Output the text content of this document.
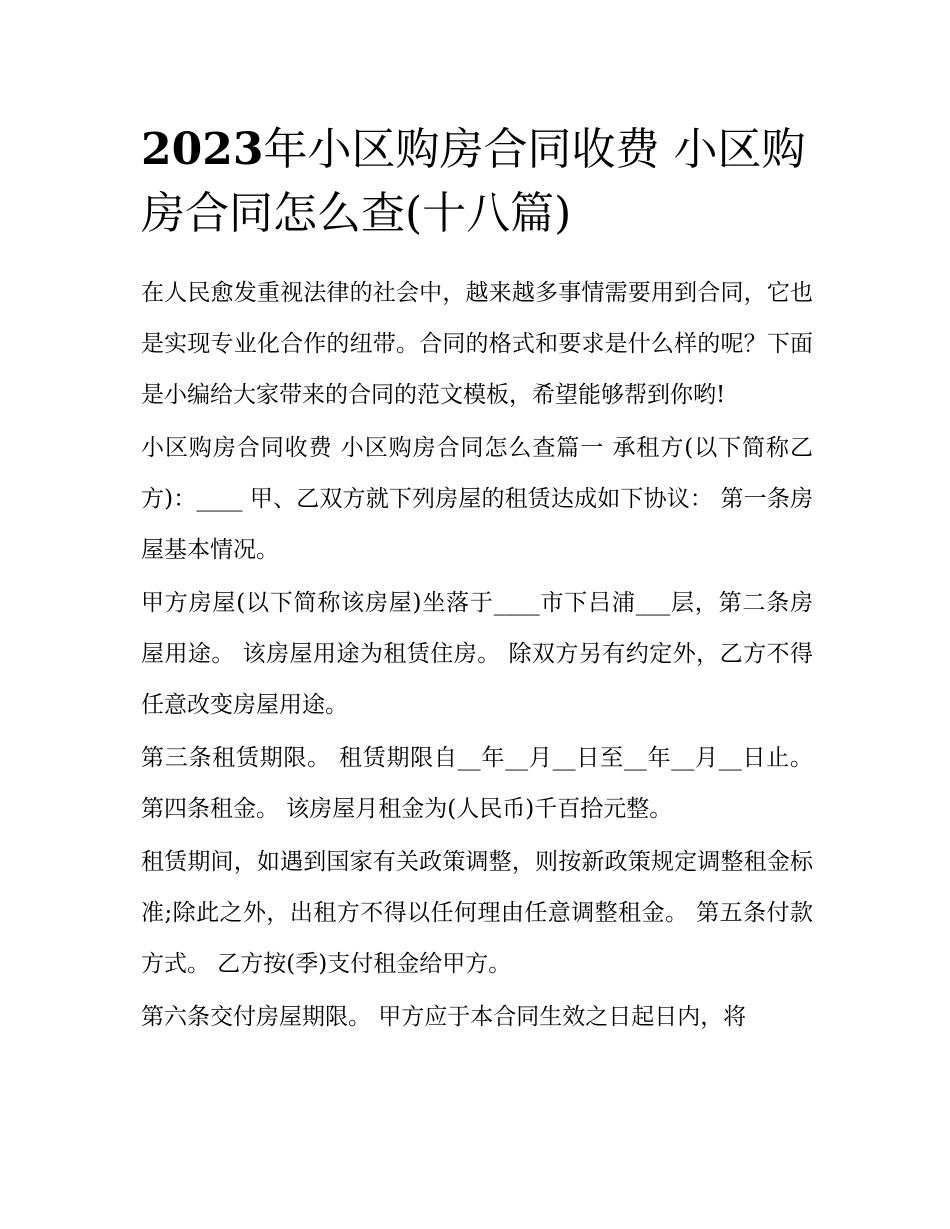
2023年小区购房合同收费 小区购房合同怎么查(十八篇)

在人民愈发重视法律的社会中，越来越多事情需要用到合同，它也是实现专业化合作的纽带。合同的格式和要求是什么样的呢？下面是小编给大家带来的合同的范文模板，希望能够帮到你哟!

小区购房合同收费 小区购房合同怎么查篇一 承租方(以下简称乙方)：____ 甲、乙双方就下列房屋的租赁达成如下协议： 第一条房屋基本情况。

甲方房屋(以下简称该房屋)坐落于____市下吕浦___层，第二条房屋用途。 该房屋用途为租赁住房。 除双方另有约定外，乙方不得任意改变房屋用途。

第三条租赁期限。 租赁期限自__年__月__日至__年__月__日止。 第四条租金。 该房屋月租金为(人民币)千百拾元整。

租赁期间，如遇到国家有关政策调整，则按新政策规定调整租金标准;除此之外，出租方不得以任何理由任意调整租金。 第五条付款方式。 乙方按(季)支付租金给甲方。

第六条交付房屋期限。 甲方应于本合同生效之日起日内，将
